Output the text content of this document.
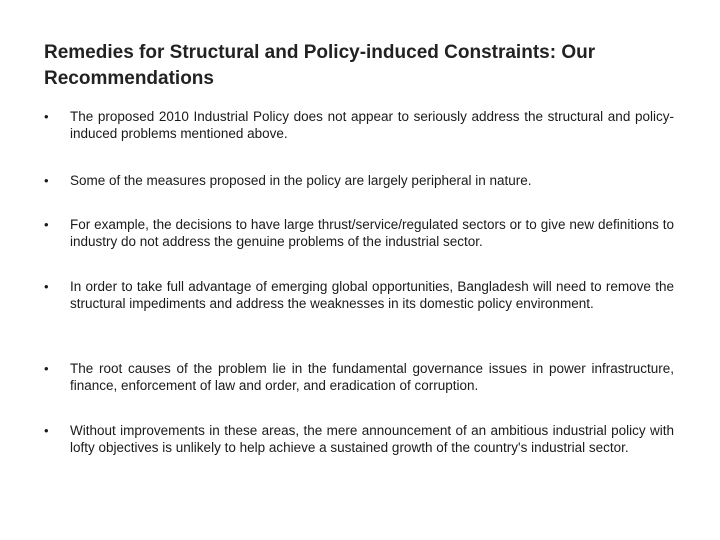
Remedies for Structural and Policy-induced Constraints: Our Recommendations
•	The proposed 2010 Industrial Policy does not appear to seriously address the structural and policy-induced problems mentioned above.
•	Some of the measures proposed in the policy are largely peripheral in nature.
•	For example, the decisions to have large thrust/service/regulated sectors or to give new definitions to industry do not address the genuine problems of the industrial sector.
•	In order to take full advantage of emerging global opportunities, Bangladesh will need to remove the structural impediments and address the weaknesses in its domestic policy environment.
•	The root causes of the problem lie in the fundamental governance issues in power infrastructure, finance, enforcement of law and order, and eradication of corruption.
•	Without improvements in these areas, the mere announcement of an ambitious industrial policy with lofty objectives is unlikely to help achieve a sustained growth of the country's industrial sector.
